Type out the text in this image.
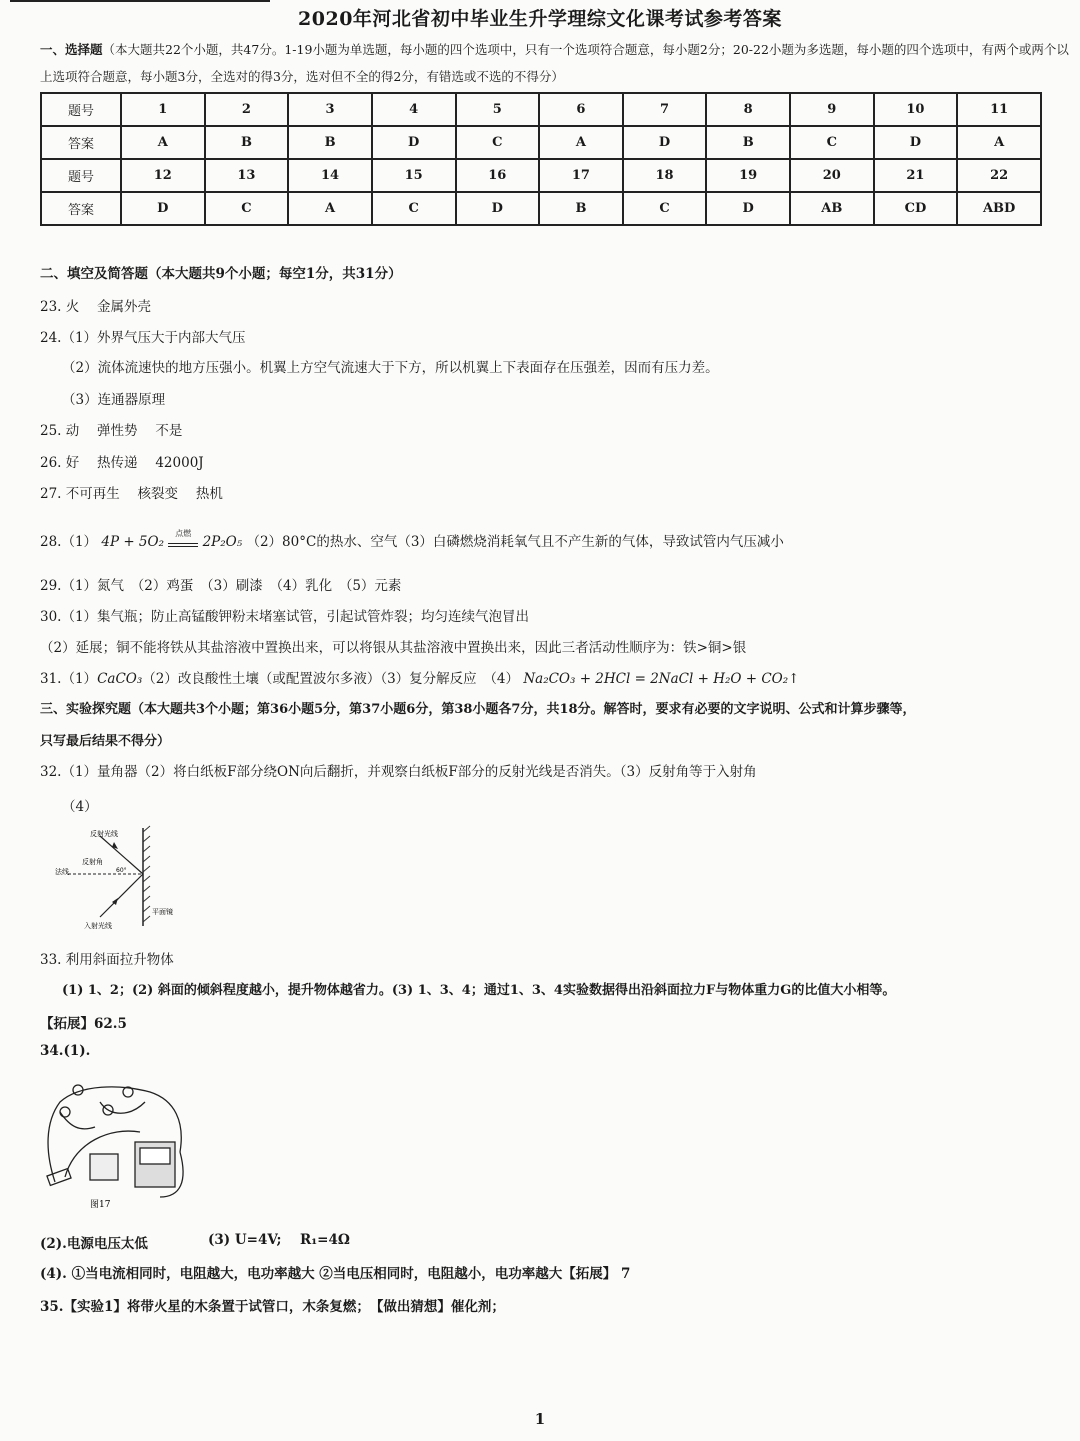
2020年河北省初中毕业生升学理综文化课考试参考答案
一、选择题（本大题共22个小题，共47分。1-19小题为单选题，每小题的四个选项中，只有一个选项符合题意，每小题2分；20-22小题为多选题，每小题的四个选项中，有两个或两个以上选项符合题意，每小题3分，全选对的得3分，选对但不全的得2分，有错选或不选的不得分）
题号	1	2	3	4	5	6	7	8	9	10	11
答案	A	B	B	D	C	A	D	B	C	D	A
题号	12	13	14	15	16	17	18	19	20	21	22
答案	D	C	A	C	D	B	C	D	AB	CD	ABD
二、填空及简答题（本大题共9个小题；每空1分，共31分）
23. 火　 金属外壳
24.（1）外界气压大于内部大气压
（2）流体流速快的地方压强小。机翼上方空气流速大于下方，所以机翼上下表面存在压强差，因而有压力差。
（3）连通器原理
25. 动　 弹性势　 不是
26. 好　 热传递　 42000J
27. 不可再生　 核裂变　 热机
28.（1） 4P + 5O₂
点燃
2P₂O₅ （2）80°C的热水、空气（3）白磷燃烧消耗氧气且不产生新的气体，导致试管内气压减小
29.（1）氮气　（2）鸡蛋　（3）刷漆　（4）乳化　（5）元素
30.（1）集气瓶；防止高锰酸钾粉末堵塞试管，引起试管炸裂；均匀连续气泡冒出
（2）延展；铜不能将铁从其盐溶液中置换出来，可以将银从其盐溶液中置换出来，因此三者活动性顺序为：铁>铜>银
31.（1）CaCO₃（2）改良酸性土壤（或配置波尔多液）（3）复分解反应　（4） Na₂CO₃ + 2HCl = 2NaCl + H₂O + CO₂↑
三、实验探究题（本大题共3个小题；第36小题5分，第37小题6分，第38小题各7分，共18分。解答时，要求有必要的文字说明、公式和计算步骤等，
只写最后结果不得分）
32.（1）量角器（2）将白纸板F部分绕ON向后翻折，并观察白纸板F部分的反射光线是否消失。（3）反射角等于入射角
（4）
反射光线
反射角
60°
法线
入射光线
平面镜
33. 利用斜面拉升物体
(1) 1、2；(2) 斜面的倾斜程度越小，提升物体越省力。(3) 1、3、4；通过1、3、4实验数据得出沿斜面拉力F与物体重力G的比值大小相等。
【拓展】62.5
34.(1).
图17
(2).电源电压太低	(3) U=4V; R₁=4Ω
(4). ①当电流相同时，电阻越大，电功率越大 ②当电压相同时，电阻越小，电功率越大【拓展】 7
35.【实验1】将带火星的木条置于试管口，木条复燃；　【做出猜想】催化剂；
1
